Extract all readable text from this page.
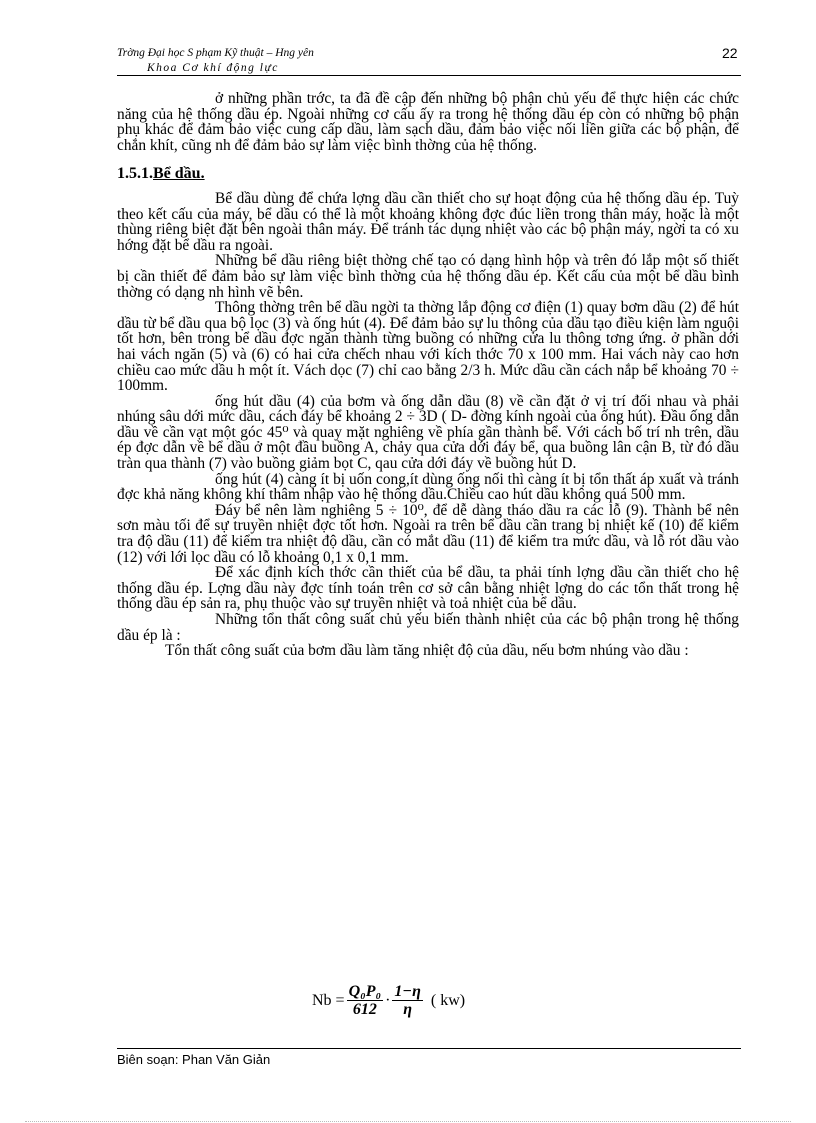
Trờng Đại học S phạm Kỹ thuật – Hng yên
Khoa Cơ khí động lực
22

ở những phần trớc, ta đã đề cập đến những bộ phận chủ yếu để thực hiện các chức năng của hệ thống dầu ép. Ngoài những cơ cấu ấy ra trong hệ thống dầu ép còn có những bộ phận phụ khác để đảm bảo việc cung cấp dầu, làm sạch dầu, đảm bảo việc nối liền giữa các bộ phận, để chắn khít, cũng nh để đảm bảo sự làm việc bình thờng của hệ thống.

1.5.1.Bể dầu.

Bể dầu dùng để chứa lợng dầu cần thiết cho sự hoạt động của hệ thống dầu ép. Tuỳ theo kết cấu của máy, bể dầu có thể là một khoảng không đợc đúc liền trong thân máy, hoặc là một thùng riêng biệt đặt bên ngoài thân máy. Để tránh tác dụng nhiệt vào các bộ phận máy, ngời ta có xu hớng đặt bể dầu ra ngoài.

Những bể dầu riêng biệt thờng chế tạo có dạng hình hộp và trên đó lắp một số thiết bị cần thiết để đảm bảo sự làm việc bình thờng của hệ thống dầu ép. Kết cấu của một bể dầu bình thờng có dạng nh hình vẽ bên.

Thông thờng trên bể dầu ngời ta thờng lắp động cơ điện (1) quay bơm dầu (2) để hút dầu từ bể dầu qua bộ lọc (3) và ống hút (4). Để đảm bảo sự lu thông của dầu tạo điều kiện làm nguội tốt hơn, bên trong bể dầu đợc ngăn thành từng buồng có những cửa lu thông tơng ứng. ở phần dới hai vách ngăn (5) và (6) có hai cửa chếch nhau với kích thớc 70 x 100 mm. Hai vách này cao hơn chiều cao mức dầu h một ít. Vách dọc (7) chỉ cao bằng 2/3 h. Mức dầu cần cách nắp bể khoảng 70 ÷ 100mm.

ống hút dầu (4) của bơm và ống dẫn dầu (8) về cần đặt ở vị trí đối nhau và phải nhúng sâu dới mức dầu, cách đáy bể khoảng 2 ÷ 3D ( D- đờng kính ngoài của ống hút). Đầu ống dẫn dầu về cần vạt một góc 45⁰ và quay mặt nghiêng về phía gần thành bể. Với cách bố trí nh trên, dầu ép đợc dẫn về bể dầu ở một đầu buồng A, chảy qua cửa dới đáy bể, qua buồng lân cận B, từ đó dầu tràn qua thành (7) vào buồng giảm bọt C, qau cửa dới đáy về buồng hút D.

ống hút (4) càng ít bị uốn cong,ít dùng ống nối thì càng ít bị tổn thất áp xuất và tránh đợc khả năng không khí thâm nhập vào hệ thống dầu.Chiều cao hút dầu không quá 500 mm.

Đáy bể nên làm nghiêng 5 ÷ 10⁰, để dễ dàng tháo dầu ra các lỗ (9). Thành bể nên sơn màu tối để sự truyền nhiệt đợc tốt hơn. Ngoài ra trên bể dầu cần trang bị nhiệt kế (10) để kiểm tra độ dầu (11) để kiểm tra nhiệt độ dầu, cần có mắt dầu (11) để kiểm tra mức dầu, và lỗ rót dầu vào (12) với lới lọc dầu có lỗ khoảng 0,1 x 0,1 mm.

Để xác định kích thớc cần thiết của bể dầu, ta phải tính lợng dầu cần thiết cho hệ thống dầu ép. Lợng dầu này đợc tính toán trên cơ sở cân bằng nhiệt lợng do các tổn thất trong hệ thống dầu ép sản ra, phụ thuộc vào sự truyền nhiệt và toả nhiệt của bể dầu.

Những tổn thất công suất chủ yếu biến thành nhiệt của các bộ phận trong hệ thống dầu ép là :

Tổn thất công suất của bơm dầu làm tăng nhiệt độ của dầu, nếu bơm nhúng vào dầu :

$Nb = \frac{\text{Q₀P₀}}{612} \cdot \frac{1-\eta}{\eta}$ ( kw)
Biên soạn: Phan Văn Giản
